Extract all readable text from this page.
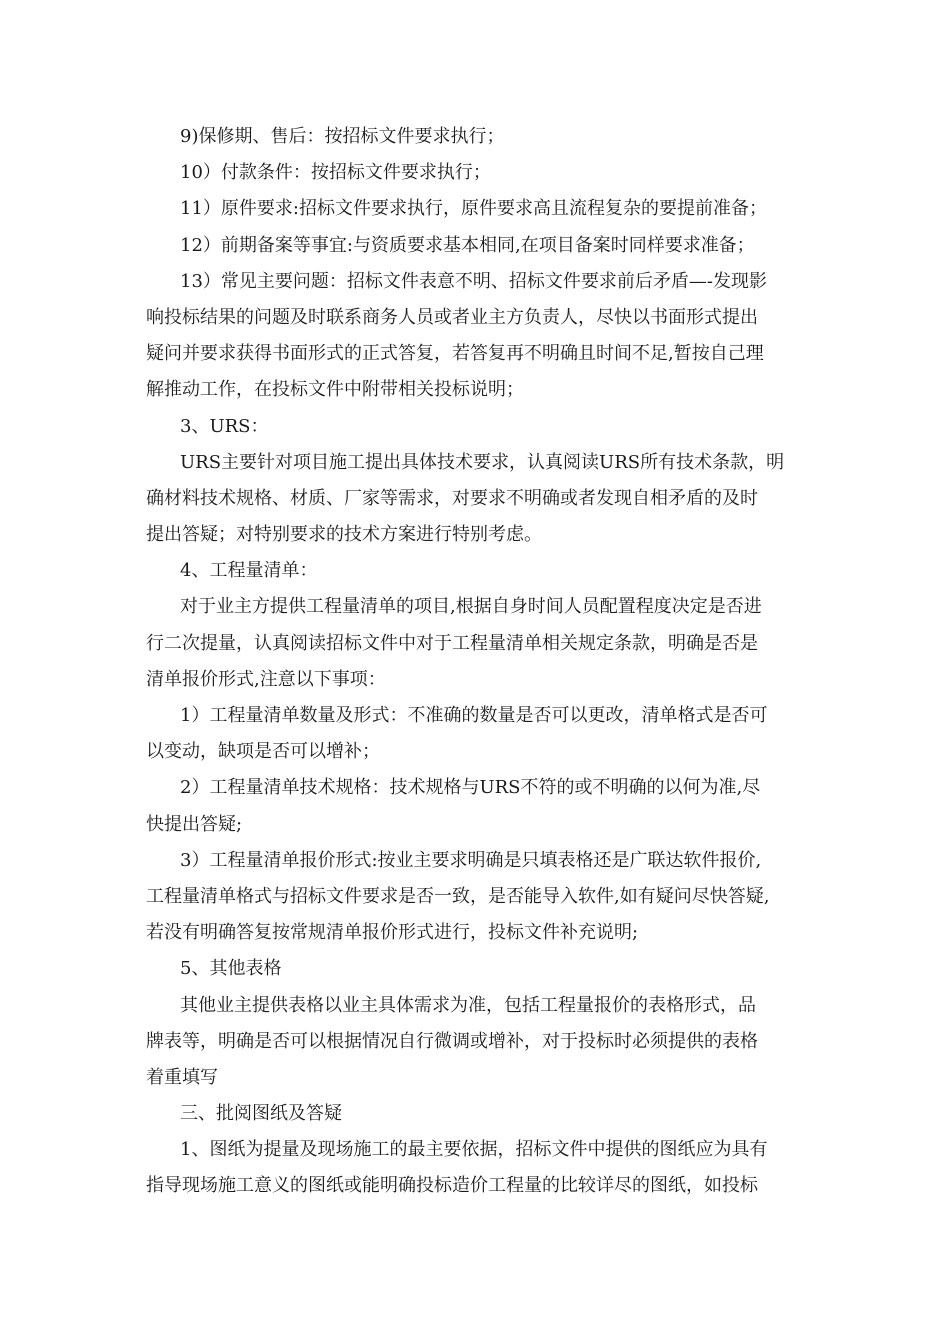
9)保修期、售后：按招标文件要求执行；
10）付款条件：按招标文件要求执行；
11）原件要求:招标文件要求执行，原件要求高且流程复杂的要提前准备；
12）前期备案等事宜:与资质要求基本相同,在项目备案时同样要求准备；
13）常见主要问题：招标文件表意不明、招标文件要求前后矛盾—-发现影
响投标结果的问题及时联系商务人员或者业主方负责人，尽快以书面形式提出
疑问并要求获得书面形式的正式答复，若答复再不明确且时间不足,暂按自己理
解推动工作，在投标文件中附带相关投标说明；
3、URS：
URS主要针对项目施工提出具体技术要求，认真阅读URS所有技术条款，明
确材料技术规格、材质、厂家等需求，对要求不明确或者发现自相矛盾的及时
提出答疑；对特别要求的技术方案进行特别考虑。
4、工程量清单：
对于业主方提供工程量清单的项目,根据自身时间人员配置程度决定是否进
行二次提量，认真阅读招标文件中对于工程量清单相关规定条款，明确是否是
清单报价形式,注意以下事项：
1）工程量清单数量及形式：不准确的数量是否可以更改，清单格式是否可
以变动，缺项是否可以增补；
2）工程量清单技术规格：技术规格与URS不符的或不明确的以何为准,尽
快提出答疑;
3）工程量清单报价形式:按业主要求明确是只填表格还是广联达软件报价,
工程量清单格式与招标文件要求是否一致，是否能导入软件,如有疑问尽快答疑,
若没有明确答复按常规清单报价形式进行，投标文件补充说明;
5、其他表格
其他业主提供表格以业主具体需求为准，包括工程量报价的表格形式，品
牌表等，明确是否可以根据情况自行微调或增补，对于投标时必须提供的表格
着重填写
三、批阅图纸及答疑
1、图纸为提量及现场施工的最主要依据，招标文件中提供的图纸应为具有
指导现场施工意义的图纸或能明确投标造价工程量的比较详尽的图纸，如投标
